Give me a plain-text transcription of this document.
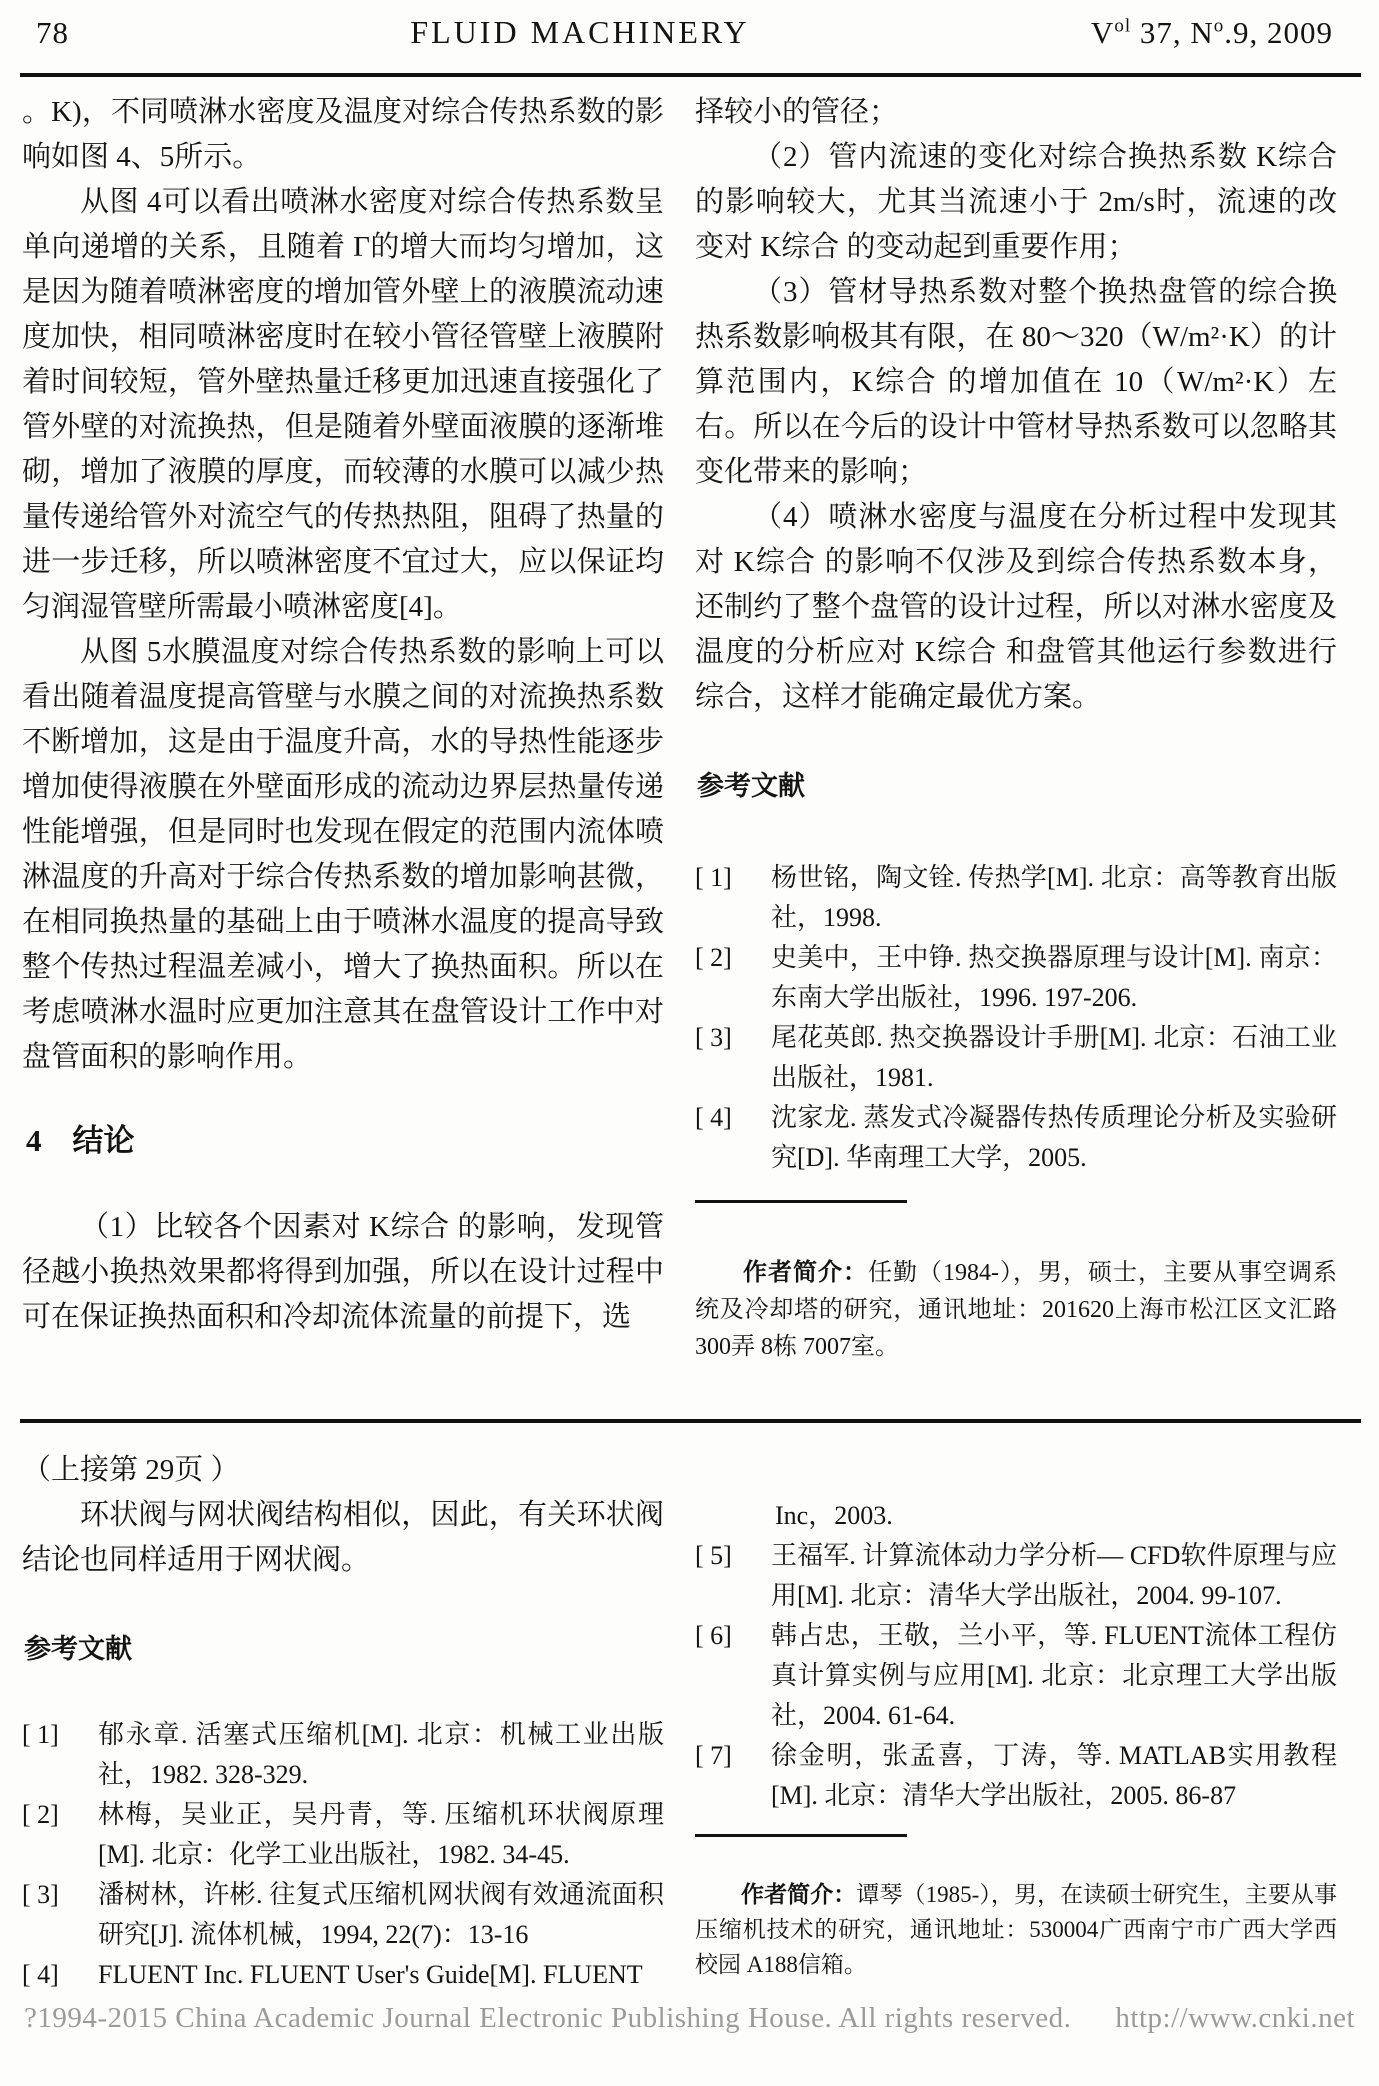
78	FLUID MACHINERY	$V^{ol}$ 37, $N^o.9$, 2009

。K)，不同喷淋水密度及温度对综合传热系数的影响如图 4、5所示。

从图 4可以看出喷淋水密度对综合传热系数呈单向递增的关系，且随着 Γ的增大而均匀增加，这是因为随着喷淋密度的增加管外壁上的液膜流动速度加快，相同喷淋密度时在较小管径管壁上液膜附着时间较短，管外壁热量迁移更加迅速直接强化了管外壁的对流换热，但是随着外壁面液膜的逐渐堆砌，增加了液膜的厚度，而较薄的水膜可以减少热量传递给管外对流空气的传热热阻，阻碍了热量的进一步迁移，所以喷淋密度不宜过大，应以保证均匀润湿管壁所需最小喷淋密度[4]。

从图 5水膜温度对综合传热系数的影响上可以看出随着温度提高管壁与水膜之间的对流换热系数不断增加，这是由于温度升高，水的导热性能逐步增加使得液膜在外壁面形成的流动边界层热量传递性能增强，但是同时也发现在假定的范围内流体喷淋温度的升高对于综合传热系数的增加影响甚微，在相同换热量的基础上由于喷淋水温度的提高导致整个传热过程温差减小，增大了换热面积。所以在考虑喷淋水温时应更加注意其在盘管设计工作中对盘管面积的影响作用。

4　结论

（1）比较各个因素对 K综合 的影响，发现管径越小换热效果都将得到加强，所以在设计过程中可在保证换热面积和冷却流体流量的前提下，选

择较小的管径；

（2）管内流速的变化对综合换热系数 K综合 的影响较大，尤其当流速小于 2m/s时，流速的改变对 K综合 的变动起到重要作用；

（3）管材导热系数对整个换热盘管的综合换热系数影响极其有限，在 80～320（W/m²·K）的计算范围内，K综合 的增加值在 10（W/m²·K）左右。所以在今后的设计中管材导热系数可以忽略其变化带来的影响；

（4）喷淋水密度与温度在分析过程中发现其对 K综合 的影响不仅涉及到综合传热系数本身，还制约了整个盘管的设计过程，所以对淋水密度及温度的分析应对 K综合 和盘管其他运行参数进行综合，这样才能确定最优方案。

参考文献
[ 1]	杨世铭，陶文铨. 传热学[M]. 北京：高等教育出版社，1998.
[ 2]	史美中，王中铮. 热交换器原理与设计[M]. 南京：东南大学出版社，1996. 197-206.
[ 3]	尾花英郎. 热交换器设计手册[M]. 北京：石油工业出版社，1981.
[ 4]	沈家龙. 蒸发式冷凝器传热传质理论分析及实验研究[D]. 华南理工大学，2005.

作者简介：任勤（1984-），男，硕士，主要从事空调系统及冷却塔的研究，通讯地址：201620上海市松江区文汇路 300弄 8栋 7007室。

（上接第 29页 ）

环状阀与网状阀结构相似，因此，有关环状阀结论也同样适用于网状阀。

参考文献
[ 1]	郁永章. 活塞式压缩机[M]. 北京：机械工业出版社，1982. 328-329.
[ 2]	林梅，吴业正，吴丹青，等. 压缩机环状阀原理[M]. 北京：化学工业出版社，1982. 34-45.
[ 3]	潘树林，许彬. 往复式压缩机网状阀有效通流面积研究[J]. 流体机械，1994, 22(7)：13-16
[ 4]	FLUENT Inc. FLUENT User's Guide[M]. FLUENT

Inc，2003.

[ 5]	王福军. 计算流体动力学分析— CFD软件原理与应用[M]. 北京：清华大学出版社，2004. 99-107.
[ 6]	韩占忠，王敬，兰小平，等. FLUENT流体工程仿真计算实例与应用[M]. 北京：北京理工大学出版社，2004. 61-64.
[ 7]	徐金明，张孟喜，丁涛，等. MATLAB实用教程[M]. 北京：清华大学出版社，2005. 86-87

作者简介：谭琴（1985-），男，在读硕士研究生，主要从事压缩机技术的研究，通讯地址：530004广西南宁市广西大学西校园 A188信箱。

?1994-2015 China Academic Journal Electronic Publishing House. All rights reserved. http://www.cnki.net
